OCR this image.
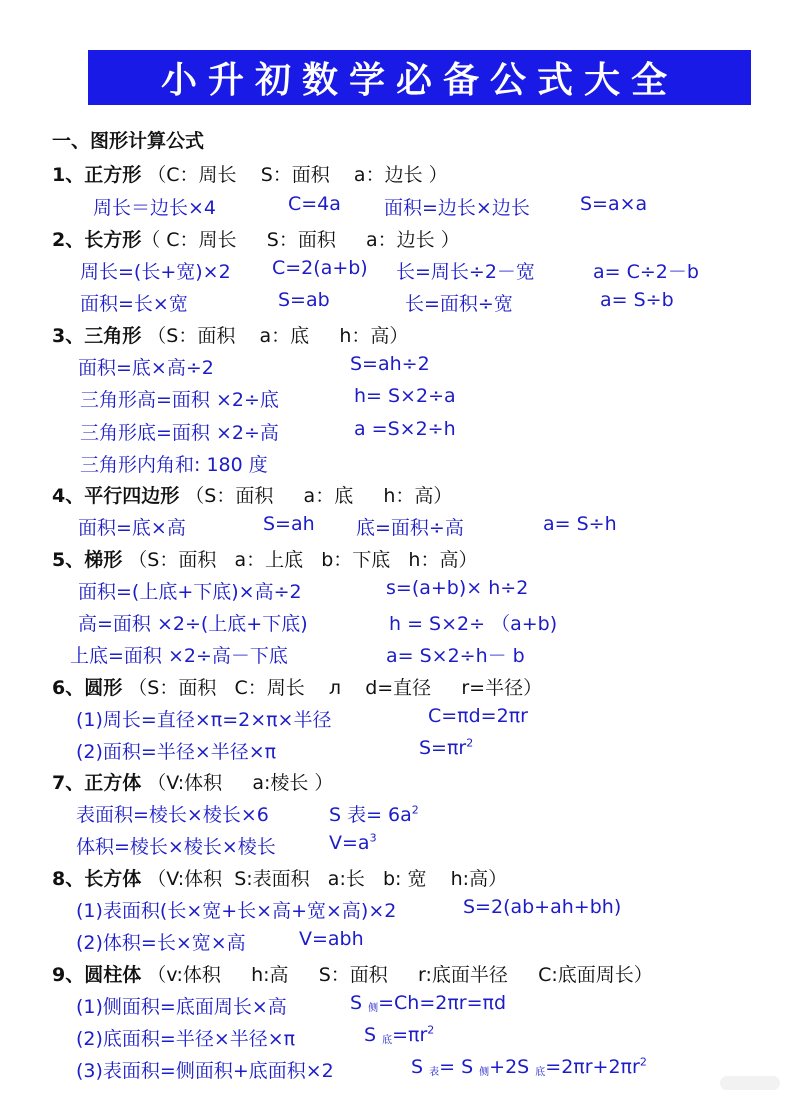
小升初数学必备公式大全
一、图形计算公式
1、正方形 （C：周长    S：面积    a：边长 ）
周长＝边长×4	C=4a 面积=边长×边长	S=a×a
2、长方形（ C：周长     S：面积     a：边长 ）
周长=(长+宽)×2 C=2(a+b) 长=周长÷2－宽	a= C÷2－b
面积=长×宽	S=ab	长=面积÷宽	a= S÷b
3、三角形 （S：面积    a：底     h：高）
面积=底×高÷2	S=ah÷2
三角形高=面积 ×2÷底	h= S×2÷a
三角形底=面积 ×2÷高	a =S×2÷h
三角形内角和: 180 度
4、平行四边形 （S：面积     a：底     h：高）
面积=底×高	S=ah 底=面积÷高	a= S÷h
5、梯形 （S：面积   a：上底   b：下底   h：高）
面积=(上底+下底)×高÷2	s=(a+b)× h÷2
高=面积 ×2÷(上底+下底)	h = S×2÷ （a+b)
上底=面积 ×2÷高－下底	a= S×2÷h－ b
6、圆形 （S：面积   C：周长    л    d=直径     r=半径）
(1)周长=直径×π=2×π×半径	C=πd=2πr
(2)面积=半径×半径×π	$S=\pi r^2$
7、正方体 （V:体积     a:棱长 ）
表面积=棱长×棱长×6	S 表= $6a^2$
体积=棱长×棱长×棱长	$V=a^3$
8、长方体 （V:体积  S:表面积   a:长   b: 宽    h:高）
(1)表面积(长×宽+长×高+宽×高)×2	S=2(ab+ah+bh)
(2)体积=长×宽×高	V=abh
9、圆柱体 （v:体积     h:高     S：面积     r:底面半径     C:底面周长）
(1)侧面积=底面周长×高	S $_侧$=Ch=2πr=πd
(2)底面积=半径×半径×π	S $_底=\pi r^2$
(3)表面积=侧面积+底面积×2	S $_表$= S $_侧$+2S $_底=2\pi r+2\pi r^2$
